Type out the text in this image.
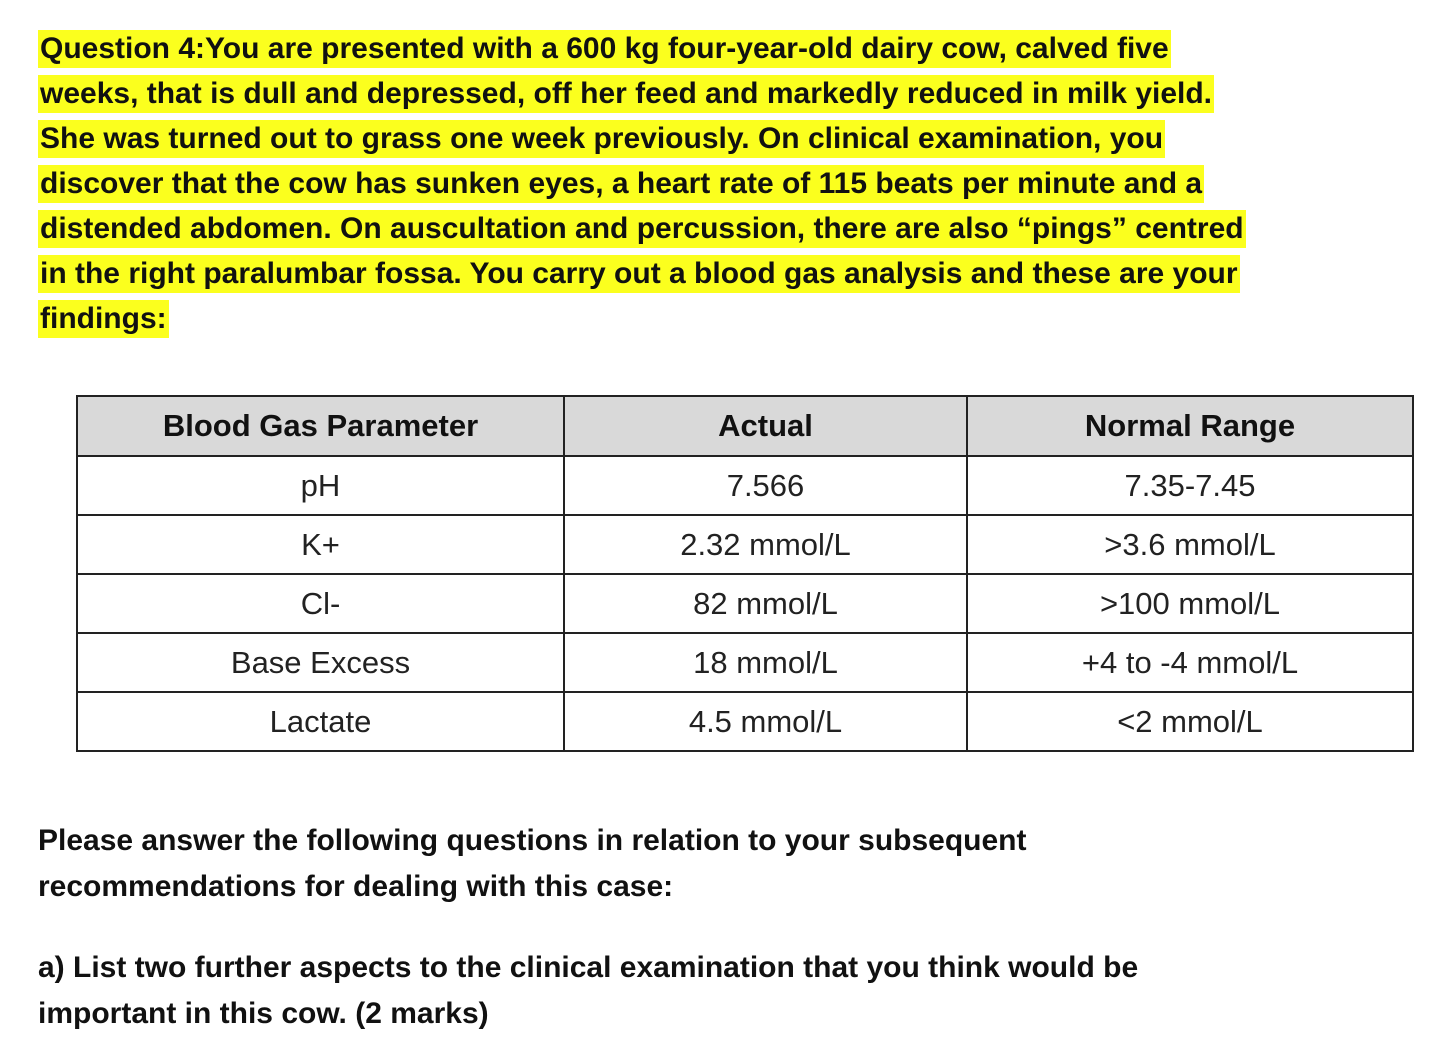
Question 4:You are presented with a 600 kg four-year-old dairy cow, calved five
weeks, that is dull and depressed, off her feed and markedly reduced in milk yield.
She was turned out to grass one week previously. On clinical examination, you
discover that the cow has sunken eyes, a heart rate of 115 beats per minute and a
distended abdomen. On auscultation and percussion, there are also “pings” centred
in the right paralumbar fossa. You carry out a blood gas analysis and these are your
findings:
Blood Gas Parameter	Actual	Normal Range
pH	7.566	7.35-7.45
K+	2.32 mmol/L	>3.6 mmol/L
Cl-	82 mmol/L	>100 mmol/L
Base Excess	18 mmol/L	+4 to -4 mmol/L
Lactate	4.5 mmol/L	<2 mmol/L
Please answer the following questions in relation to your subsequent
recommendations for dealing with this case:
a) List two further aspects to the clinical examination that you think would be
important in this cow. (2 marks)
